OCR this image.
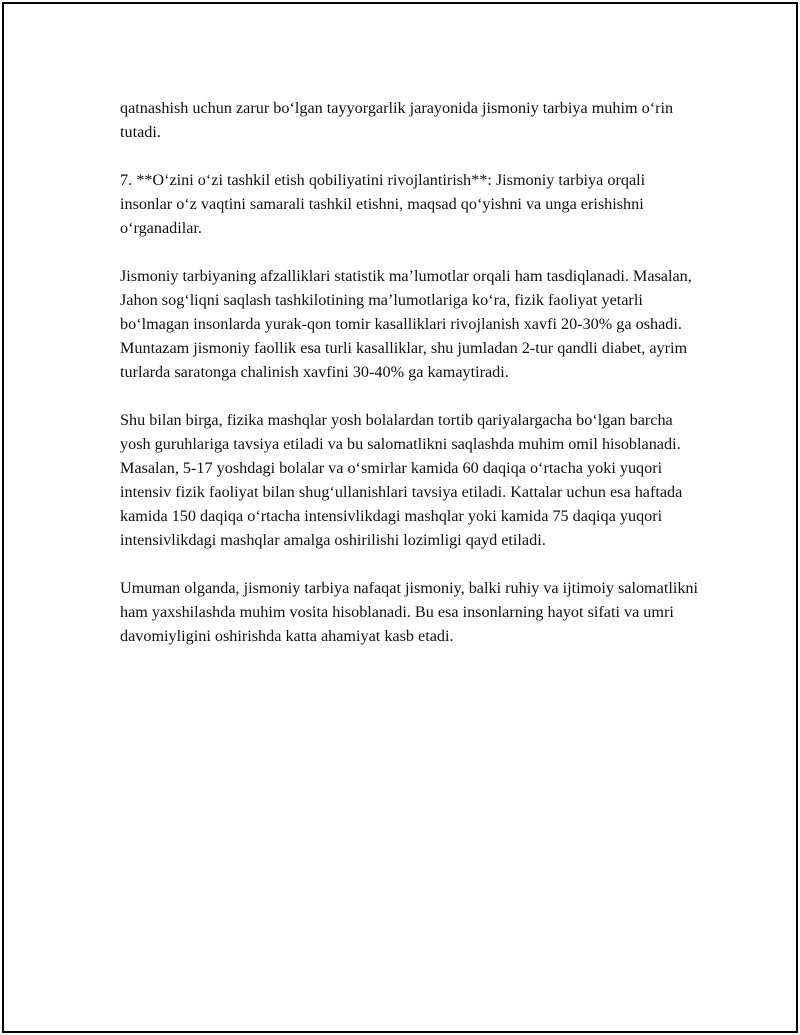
qatnashish uchun zarur bo‘lgan tayyorgarlik jarayonida jismoniy tarbiya muhim o‘rin tutadi.

7. **O‘zini o‘zi tashkil etish qobiliyatini rivojlantirish**: Jismoniy tarbiya orqali insonlar o‘z vaqtini samarali tashkil etishni, maqsad qo‘yishni va unga erishishni o‘rganadilar.

Jismoniy tarbiyaning afzalliklari statistik ma’lumotlar orqali ham tasdiqlanadi. Masalan, Jahon sog‘liqni saqlash tashkilotining ma’lumotlariga ko‘ra, fizik faoliyat yetarli bo‘lmagan insonlarda yurak-qon tomir kasalliklari rivojlanish xavfi 20-30% ga oshadi. Muntazam jismoniy faollik esa turli kasalliklar, shu jumladan 2-tur qandli diabet, ayrim turlarda saratonga chalinish xavfini 30-40% ga kamaytiradi.

Shu bilan birga, fizika mashqlar yosh bolalardan tortib qariyalargacha bo‘lgan barcha yosh guruhlariga tavsiya etiladi va bu salomatlikni saqlashda muhim omil hisoblanadi. Masalan, 5-17 yoshdagi bolalar va o‘smirlar kamida 60 daqiqa o‘rtacha yoki yuqori intensiv fizik faoliyat bilan shug‘ullanishlari tavsiya etiladi. Kattalar uchun esa haftada kamida 150 daqiqa o‘rtacha intensivlikdagi mashqlar yoki kamida 75 daqiqa yuqori intensivlikdagi mashqlar amalga oshirilishi lozimligi qayd etiladi.

Umuman olganda, jismoniy tarbiya nafaqat jismoniy, balki ruhiy va ijtimoiy salomatlikni ham yaxshilashda muhim vosita hisoblanadi. Bu esa insonlarning hayot sifati va umri davomiyligini oshirishda katta ahamiyat kasb etadi.
